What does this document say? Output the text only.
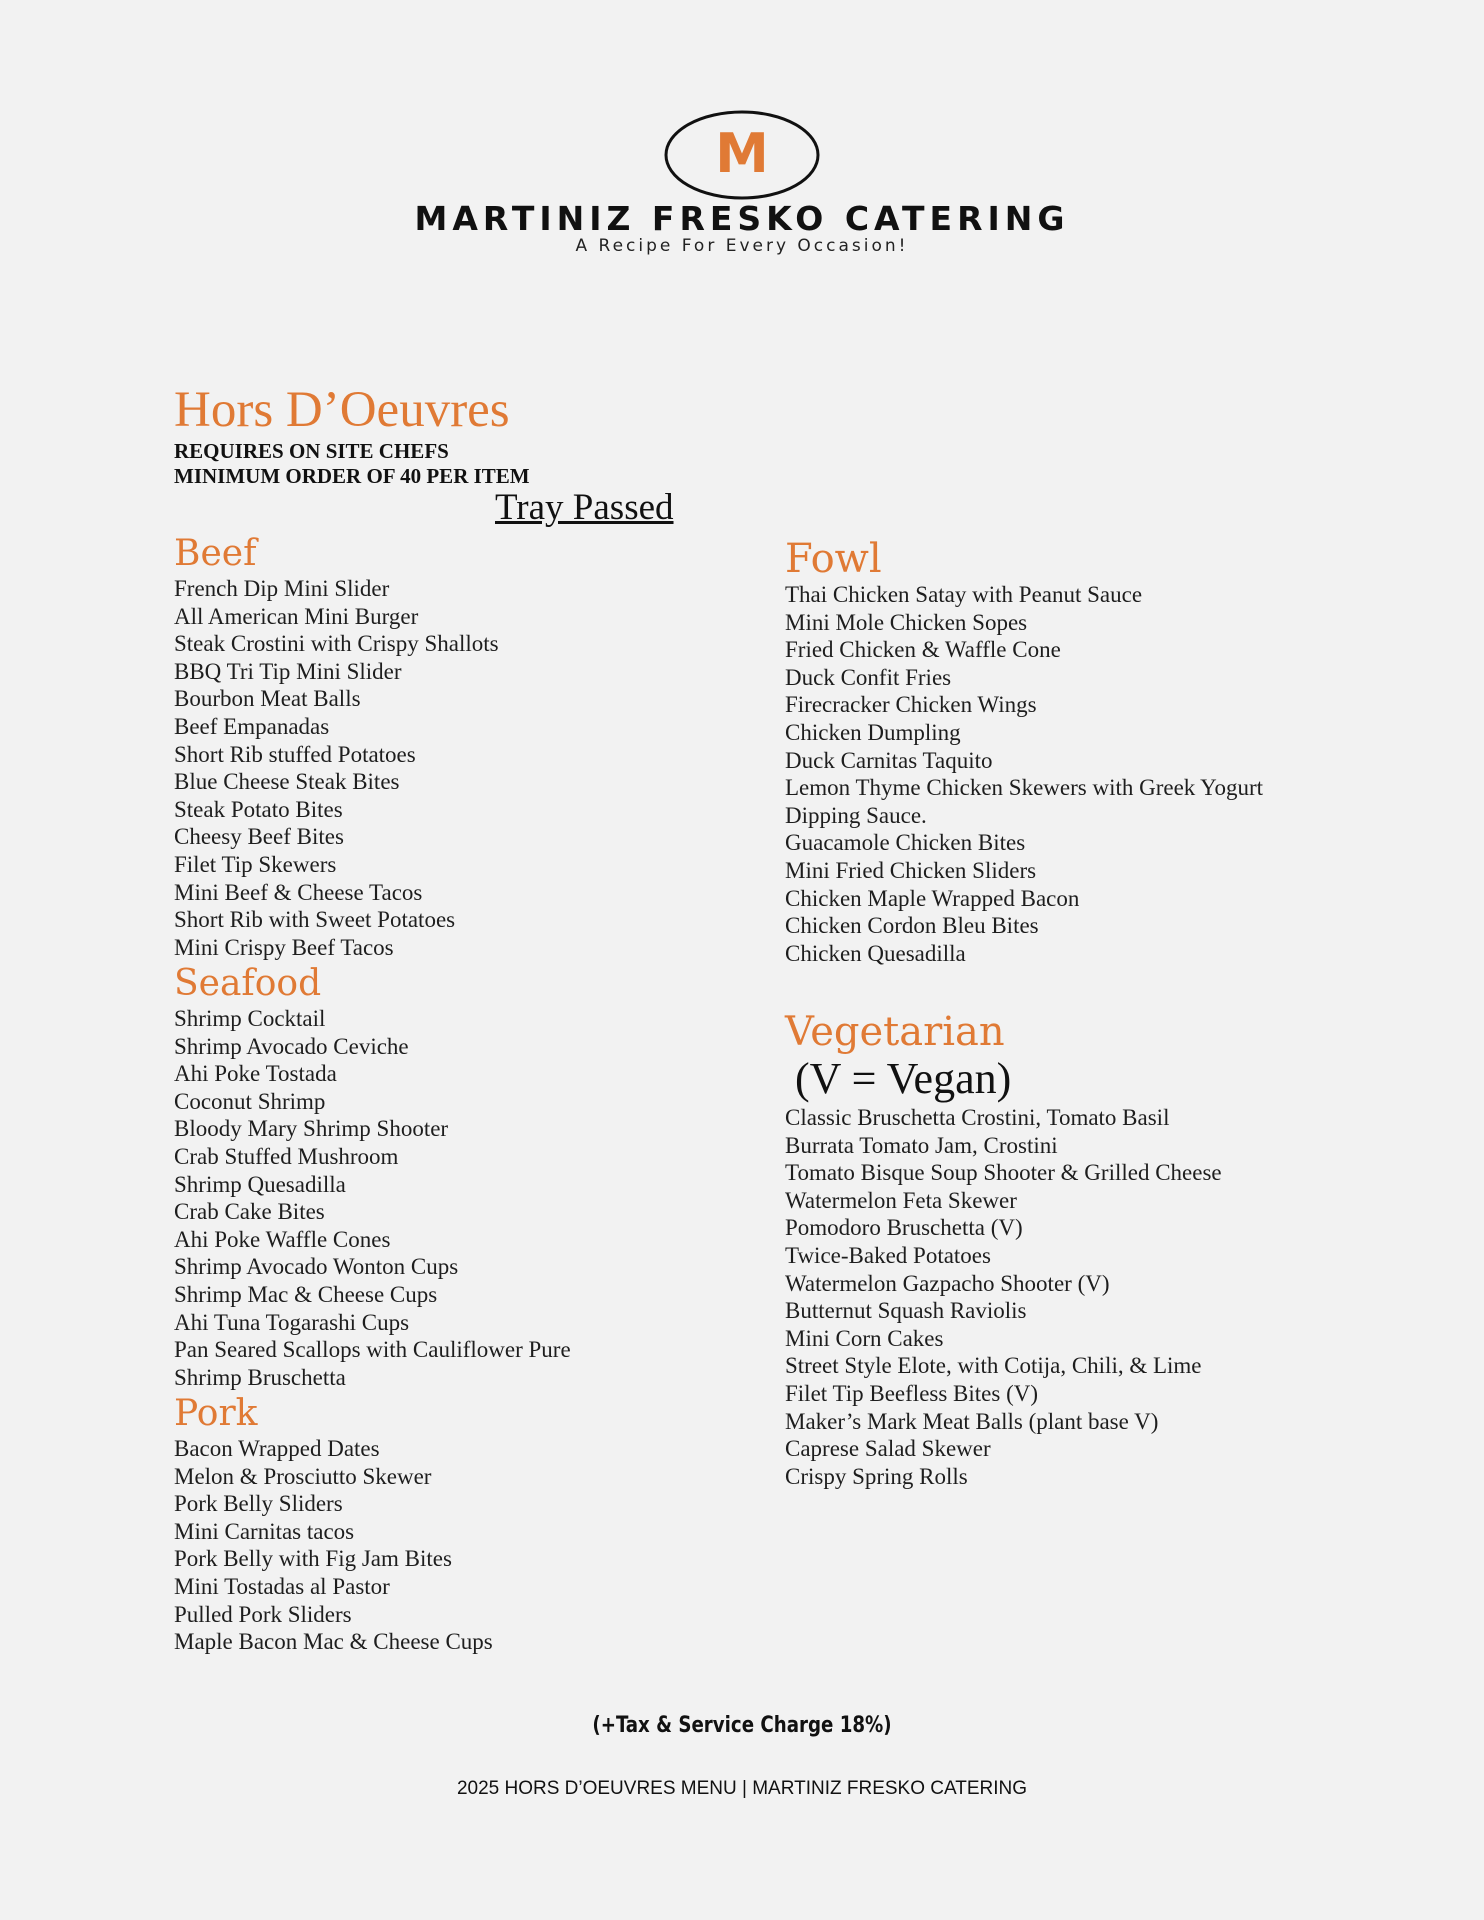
M
MARTINIZ FRESKO CATERING
A Recipe For Every Occasion!
Hors D’Oeuvres
REQUIRES ON SITE CHEFS
MINIMUM ORDER OF 40 PER ITEM
Tray Passed
Beef
French Dip Mini Slider
All American Mini Burger
Steak Crostini with Crispy Shallots
BBQ Tri Tip Mini Slider
Bourbon Meat Balls
Beef Empanadas
Short Rib stuffed Potatoes
Blue Cheese Steak Bites
Steak Potato Bites
Cheesy Beef Bites
Filet Tip Skewers
Mini Beef & Cheese Tacos
Short Rib with Sweet Potatoes
Mini Crispy Beef Tacos
Seafood
Shrimp Cocktail
Shrimp Avocado Ceviche
Ahi Poke Tostada
Coconut Shrimp
Bloody Mary Shrimp Shooter
Crab Stuffed Mushroom
Shrimp Quesadilla
Crab Cake Bites
Ahi Poke Waffle Cones
Shrimp Avocado Wonton Cups
Shrimp Mac & Cheese Cups
Ahi Tuna Togarashi Cups
Pan Seared Scallops with Cauliflower Pure
Shrimp Bruschetta
Pork
Bacon Wrapped Dates
Melon & Prosciutto Skewer
Pork Belly Sliders
Mini Carnitas tacos
Pork Belly with Fig Jam Bites
Mini Tostadas al Pastor
Pulled Pork Sliders
Maple Bacon Mac & Cheese Cups
Fowl
Thai Chicken Satay with Peanut Sauce
Mini Mole Chicken Sopes
Fried Chicken & Waffle Cone
Duck Confit Fries
Firecracker Chicken Wings
Chicken Dumpling
Duck Carnitas Taquito
Lemon Thyme Chicken Skewers with Greek Yogurt
Dipping Sauce.
Guacamole Chicken Bites
Mini Fried Chicken Sliders
Chicken Maple Wrapped Bacon
Chicken Cordon Bleu Bites
Chicken Quesadilla
Vegetarian
(V = Vegan)
Classic Bruschetta Crostini, Tomato Basil
Burrata Tomato Jam, Crostini
Tomato Bisque Soup Shooter & Grilled Cheese
Watermelon Feta Skewer
Pomodoro Bruschetta (V)
Twice-Baked Potatoes
Watermelon Gazpacho Shooter (V)
Butternut Squash Raviolis
Mini Corn Cakes
Street Style Elote, with Cotija, Chili, & Lime
Filet Tip Beefless Bites (V)
Maker’s Mark Meat Balls (plant base V)
Caprese Salad Skewer
Crispy Spring Rolls
(+Tax & Service Charge 18%)
2025 HORS D’OEUVRES MENU | MARTINIZ FRESKO CATERING
